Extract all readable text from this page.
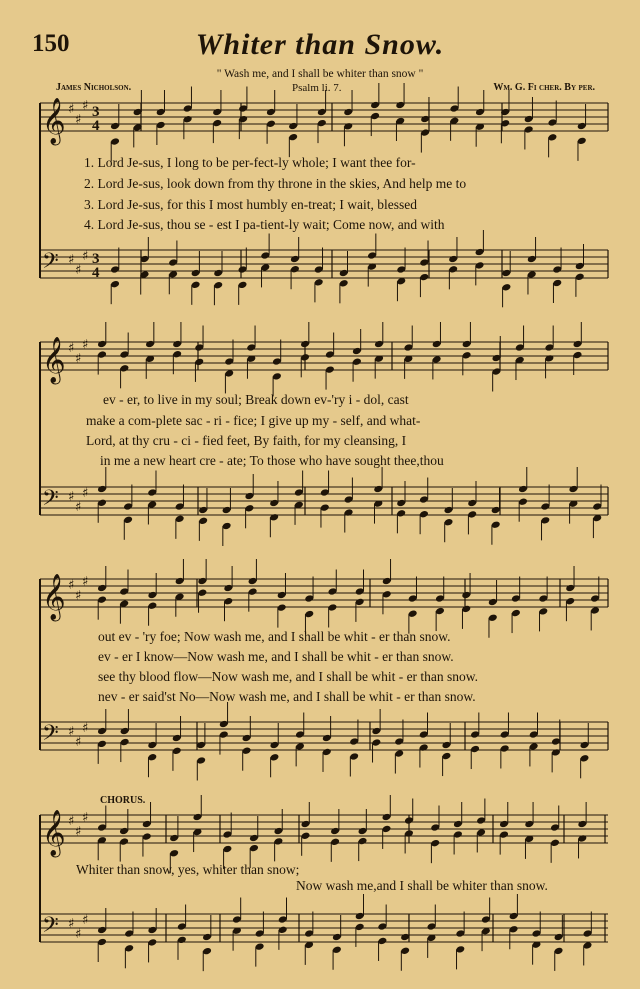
150	Whiter than Snow.
" Wash me, and I shall be whiter than snow "
James Nicholson.	Psalm li. 7.	Wm. G. Fi cher. By per.
1. Lord Je-sus, I long to be per-fect-ly whole; I want thee for-
2. Lord Je-sus, look down from thy throne in the skies, And help me to
3. Lord Je-sus, for this I most humbly en-treat; I wait, blessed
4. Lord Je-sus, thou se - est I pa-tient-ly wait; Come now, and with
ev - er, to live in my soul; Break down ev-'ry i - dol, cast
make a com-plete sac - ri - fice; I give up my - self, and what-
Lord, at thy cru - ci - fied feet, By faith, for my cleansing, I
in me a new heart cre - ate; To those who have sought thee,thou
out ev - 'ry foe; Now wash me, and I shall be whit - er than snow.
ev - er I know—Now wash me, and I shall be whit - er than snow.
see thy blood flow—Now wash me, and I shall be whit - er than snow.
nev - er said'st No—Now wash me, and I shall be whit - er than snow.
CHORUS.
Whiter than snow, yes, whiter than snow;
Now wash me,and I shall be whiter than snow.
𝄞 ♯
♯
♯ 3
4
𝄢 ♯
♯
♯ 3
4
𝄞 ♯
♯
♯
𝄢 ♯
♯
♯
𝄞 ♯
♯
♯
𝄢 ♯
♯
♯
𝄞 ♯
♯
♯
𝄢 ♯
♯
♯
